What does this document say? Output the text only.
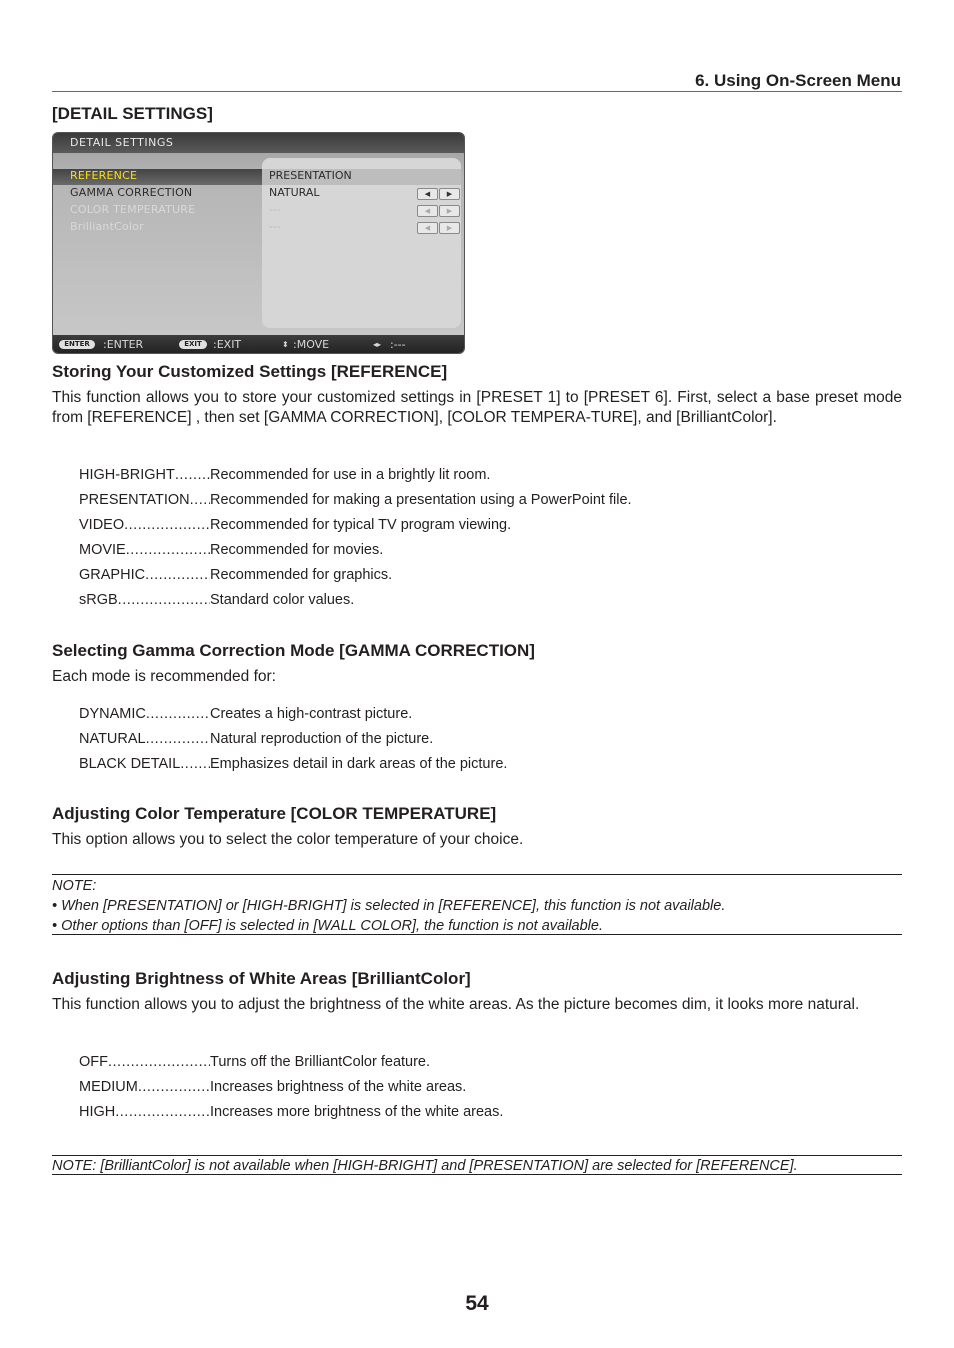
6. Using On-Screen Menu
[DETAIL SETTINGS]
DETAIL SETTINGS
REFERENCE	PRESENTATION
GAMMA CORRECTION	NATURAL	◀	▶
COLOR TEMPERATURE	---	◀	▶
BrilliantColor	---	◀	▶
ENTER	:ENTER	EXIT	:EXIT	⬍ :MOVE	◂▸ :---
Storing Your Customized Settings [REFERENCE]

This function allows you to store your customized settings in [PRESET 1] to [PRESET 6]. First, select a base preset mode from [REFERENCE] , then set [GAMMA CORRECTION], [COLOR TEMPERA-TURE], and [BrilliantColor].

HIGH-BRIGHT ..... Recommended for use in a brightly lit room.
PRESENTATION ..... Recommended for making a presentation using a PowerPoint file.
VIDEO .....	Recommended for typical TV program viewing.
MOVIE .....	Recommended for movies.
GRAPHIC .....	Recommended for graphics.
sRGB .....	Standard color values.
Selecting Gamma Correction Mode [GAMMA CORRECTION]

Each mode is recommended for:

DYNAMIC .....	Creates a high-contrast picture.
NATURAL .....	Natural reproduction of the picture.
BLACK DETAIL ..... Emphasizes detail in dark areas of the picture.
Adjusting Color Temperature [COLOR TEMPERATURE]

This option allows you to select the color temperature of your choice.

NOTE:
• When [PRESENTATION] or [HIGH-BRIGHT] is selected in [REFERENCE], this function is not available.
• Other options than [OFF] is selected in [WALL COLOR], the function is not available.
Adjusting Brightness of White Areas [BrilliantColor]

This function allows you to adjust the brightness of the white areas. As the picture becomes dim, it looks more natural.

OFF .....	Turns off the BrilliantColor feature.
MEDIUM .....	Increases brightness of the white areas.
HIGH .....	Increases more brightness of the white areas.
NOTE: [BrilliantColor] is not available when [HIGH-BRIGHT] and [PRESENTATION] are selected for [REFERENCE].
54
